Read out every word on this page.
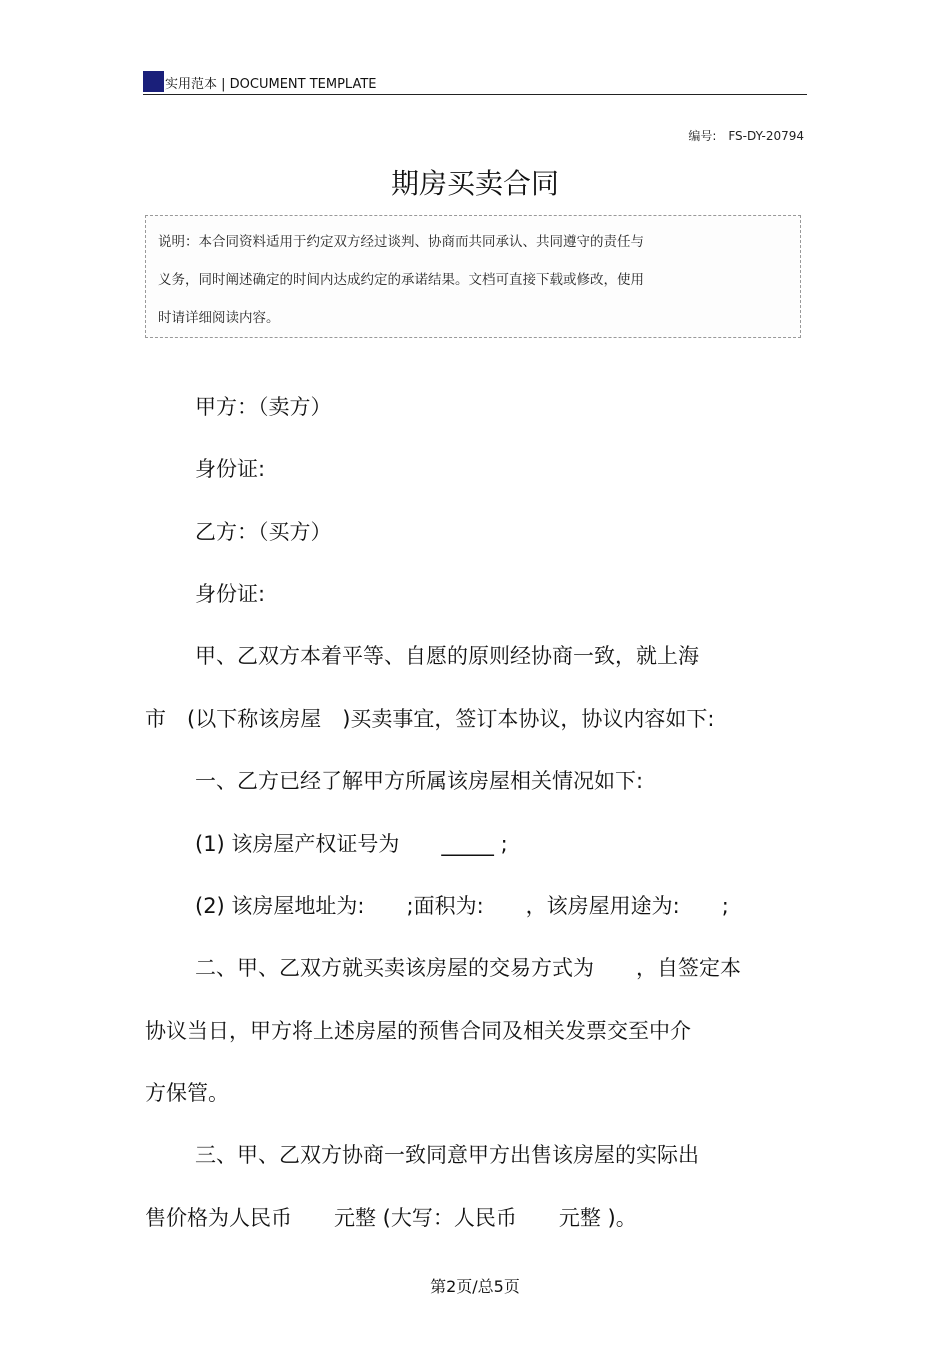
实用范本 | DOCUMENT TEMPLATE
编号: FS-DY-20794
期房买卖合同
说明：本合同资料适用于约定双方经过谈判、协商而共同承认、共同遵守的责任与
义务，同时阐述确定的时间内达成约定的承诺结果。文档可直接下载或修改，使用
时请详细阅读内容。
甲方：（卖方）
身份证:
乙方：（买方）
身份证:
甲、乙双方本着平等、自愿的原则经协商一致，就上海
市　(以下称该房屋　)买卖事宜，签订本协议，协议内容如下:
一、乙方已经了解甲方所属该房屋相关情况如下:
(1) 该房屋产权证号为　　_____ ;
(2) 该房屋地址为:　　;面积为:　　，该房屋用途为:　　;
二、甲、乙双方就买卖该房屋的交易方式为　　，自签定本
协议当日，甲方将上述房屋的预售合同及相关发票交至中介
方保管。
三、甲、乙双方协商一致同意甲方出售该房屋的实际出
售价格为人民币　　元整 (大写：人民币　　元整 )。
第2页/总5页
